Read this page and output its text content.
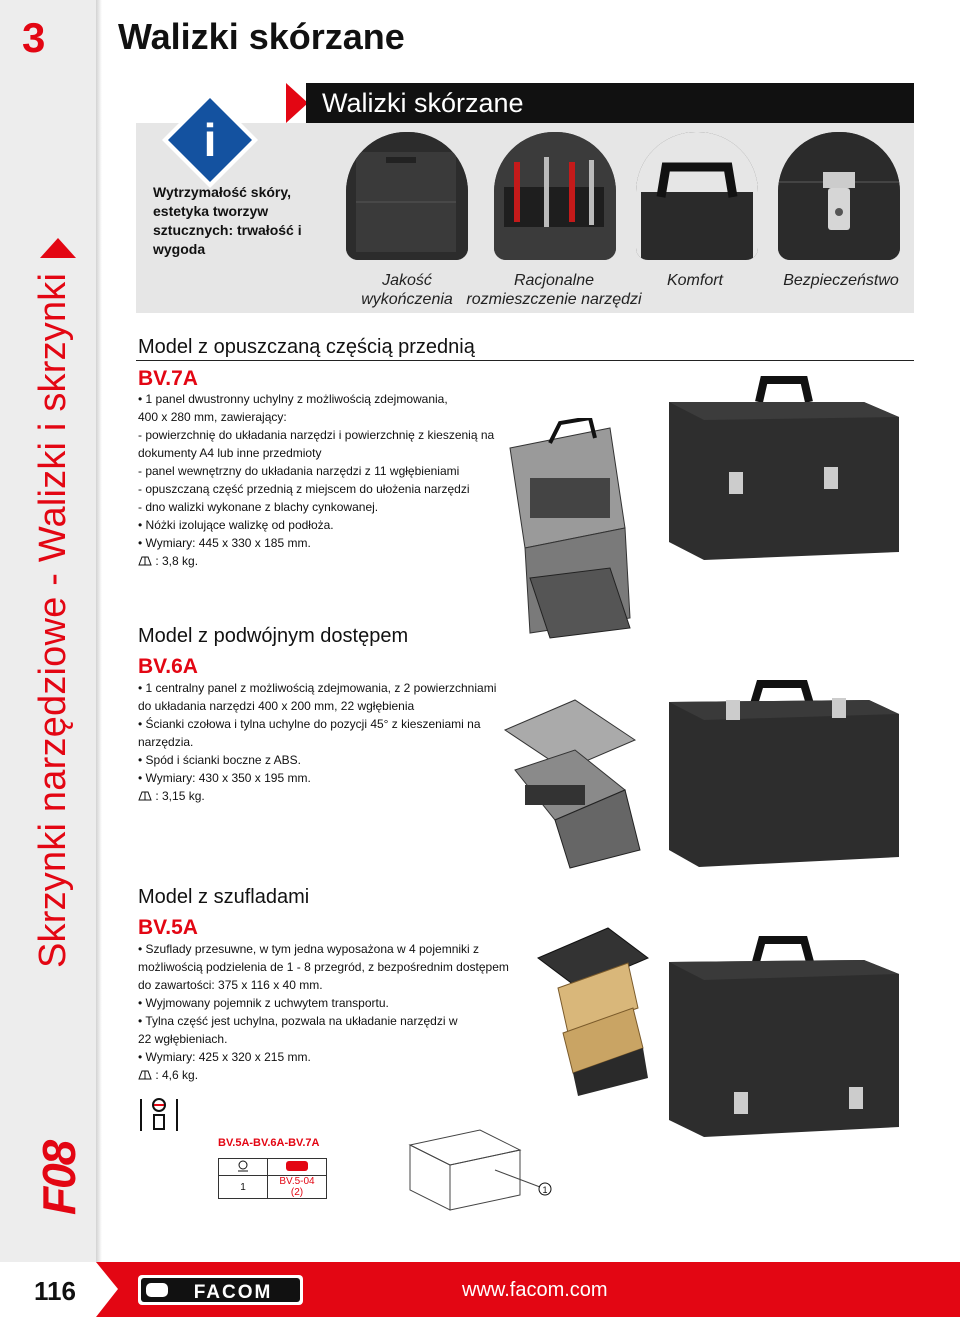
3
Skrzynki narzędziowe - Walizki i skrzynki
F08
Walizki skórzane
Walizki skórzane
i
Wytrzymałość skóry, estetyka tworzyw sztucznych: trwałość i wygoda
Jakość wykończenia
Racjonalne rozmieszczenie narzędzi
Komfort	Bezpieczeństwo
Model z opuszczaną częścią przednią
BV.7A
• 1 panel dwustronny uchylny z możliwością zdejmowania,
400 x 280 mm, zawierający:
- powierzchnię do układania narzędzi i powierzchnię z kieszenią na
dokumenty A4 lub inne przedmioty
- panel wewnętrzny do układania narzędzi z 11 wgłębieniami
- opuszczaną część przednią z miejscem do ułożenia narzędzi
- dno walizki wykonane z blachy cynkowanej.
• Nóżki izolujące walizkę od podłoża.
• Wymiary: 445 x 330 x 185 mm.
: 3,8 kg.
Model z podwójnym dostępem
BV.6A
• 1 centralny panel z możliwością zdejmowania, z 2 powierzchniami
do układania narzędzi 400 x 200 mm, 22 wgłębienia
• Ścianki czołowa i tylna uchylne do pozycji 45° z kieszeniami na
narzędzia.
• Spód i ścianki boczne z ABS.
• Wymiary: 430 x 350 x 195 mm.
: 3,15 kg.
Model z szufladami
BV.5A
• Szuflady przesuwne, w tym jedna wyposażona w 4 pojemniki z
możliwością podzielenia de 1 - 8 przegród, z bezpośrednim dostępem
do zawartości: 375 x 116 x 40 mm.
• Wyjmowany pojemnik z uchwytem transportu.
• Tylna część jest uchylna, pozwala na układanie narzędzi w
22 wgłębieniach.
• Wymiary: 425 x 320 x 215 mm.
: 4,6 kg.
BV.5A-BV.6A-BV.7A

1	BV.5-04 (2)	1
116	FACOM	www.facom.com
